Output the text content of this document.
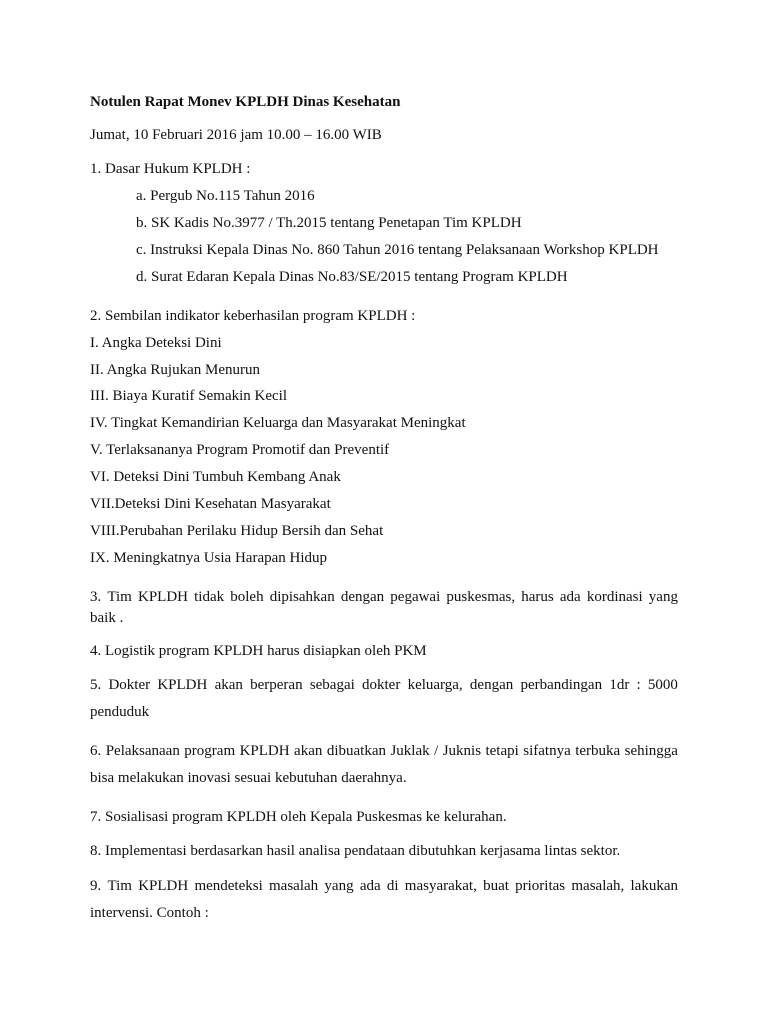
Notulen Rapat Monev KPLDH Dinas Kesehatan
Jumat, 10 Februari 2016 jam 10.00 – 16.00 WIB
1. Dasar Hukum KPLDH :
a. Pergub No.115 Tahun 2016
b. SK Kadis No.3977 / Th.2015 tentang Penetapan Tim KPLDH
c. Instruksi Kepala Dinas No. 860 Tahun 2016 tentang Pelaksanaan Workshop KPLDH
d. Surat Edaran Kepala Dinas No.83/SE/2015 tentang Program KPLDH
2. Sembilan indikator keberhasilan program KPLDH :
I. Angka Deteksi Dini
II. Angka Rujukan Menurun
III. Biaya Kuratif Semakin Kecil
IV. Tingkat Kemandirian Keluarga dan Masyarakat Meningkat
V. Terlaksananya Program Promotif dan Preventif
VI. Deteksi Dini Tumbuh Kembang Anak
VII.Deteksi Dini Kesehatan Masyarakat
VIII.Perubahan Perilaku Hidup Bersih dan Sehat
IX. Meningkatnya Usia Harapan Hidup
3. Tim KPLDH tidak boleh dipisahkan dengan pegawai puskesmas, harus ada kordinasi yang
baik .
4. Logistik program KPLDH harus disiapkan oleh PKM
5. Dokter KPLDH akan berperan sebagai dokter keluarga, dengan perbandingan 1dr : 5000
penduduk
6. Pelaksanaan program KPLDH akan dibuatkan Juklak / Juknis tetapi sifatnya terbuka sehingga
bisa melakukan inovasi sesuai kebutuhan daerahnya.
7. Sosialisasi program KPLDH oleh Kepala Puskesmas ke kelurahan.
8. Implementasi berdasarkan hasil analisa pendataan dibutuhkan kerjasama lintas sektor.
9. Tim KPLDH mendeteksi masalah yang ada di masyarakat, buat prioritas masalah, lakukan
intervensi. Contoh :
